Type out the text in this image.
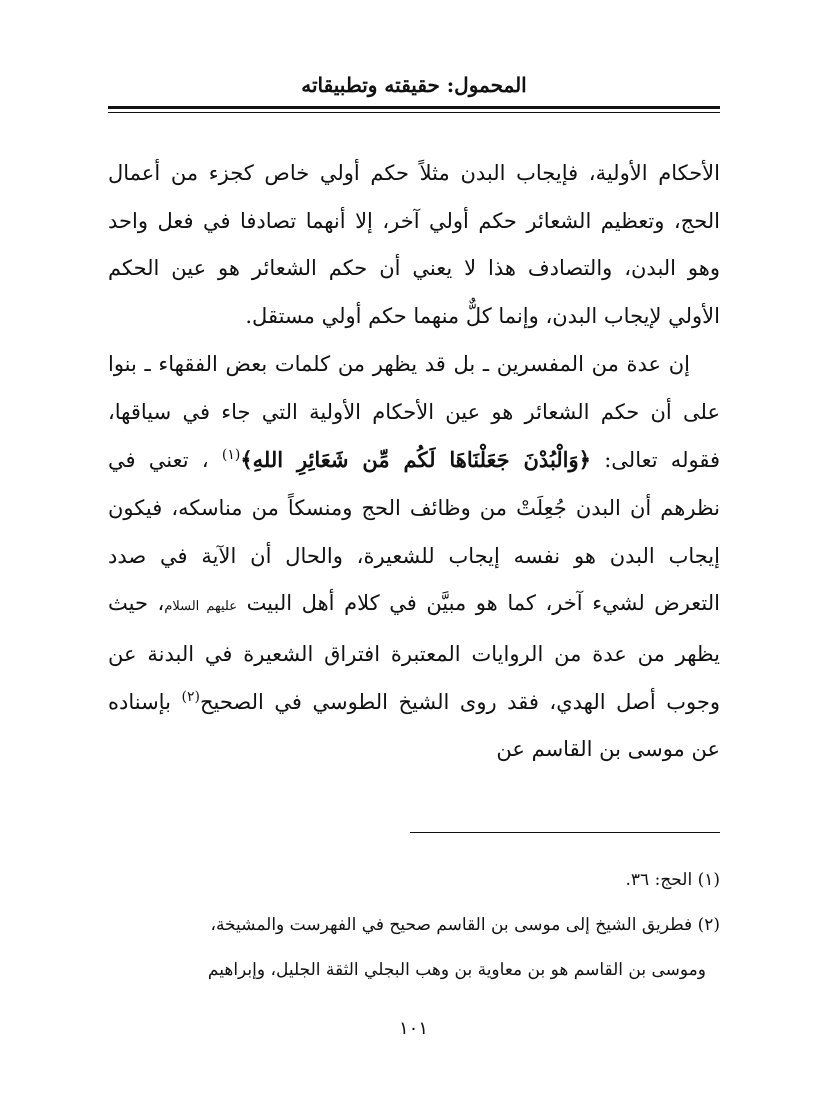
المحمول: حقيقته وتطبيقاته

الأحكام الأولية، فإيجاب البدن مثلاً حكم أولي خاص كجزء من أعمال الحج، وتعظيم الشعائر حكم أولي آخر، إلا أنهما تصادفا في فعل واحد وهو البدن، والتصادف هذا لا يعني أن حكم الشعائر هو عين الحكم الأولي لإيجاب البدن، وإنما كلٌّ منهما حكم أولي مستقل.

إن عدة من المفسرين ـ بل قد يظهر من كلمات بعض الفقهاء ـ بنوا على أن حكم الشعائر هو عين الأحكام الأولية التي جاء في سياقها، فقوله تعالى: ﴿وَالْبُدْنَ جَعَلْنَاهَا لَكُم مِّن شَعَائِرِ اللهِ﴾$^{(١)}$ ، تعني في نظرهم أن البدن جُعِلَتْ من وظائف الحج ومنسكاً من مناسكه، فيكون إيجاب البدن هو نفسه إيجاب للشعيرة، والحال أن الآية في صدد التعرض لشيء آخر، كما هو مبيَّن في كلام أهل البيت عليهم السلام، حيث يظهر من عدة من الروايات المعتبرة افتراق الشعيرة في البدنة عن وجوب أصل الهدي، فقد روى الشيخ الطوسي في الصحيح$^{(٢)}$ بإسناده عن موسى بن القاسم عن

(١) الحج: ٣٦.

(٢) فطريق الشيخ إلى موسى بن القاسم صحيح في الفهرست والمشيخة،

وموسى بن القاسم هو بن معاوية بن وهب البجلي الثقة الجليل، وإبراهيم

١٠١
